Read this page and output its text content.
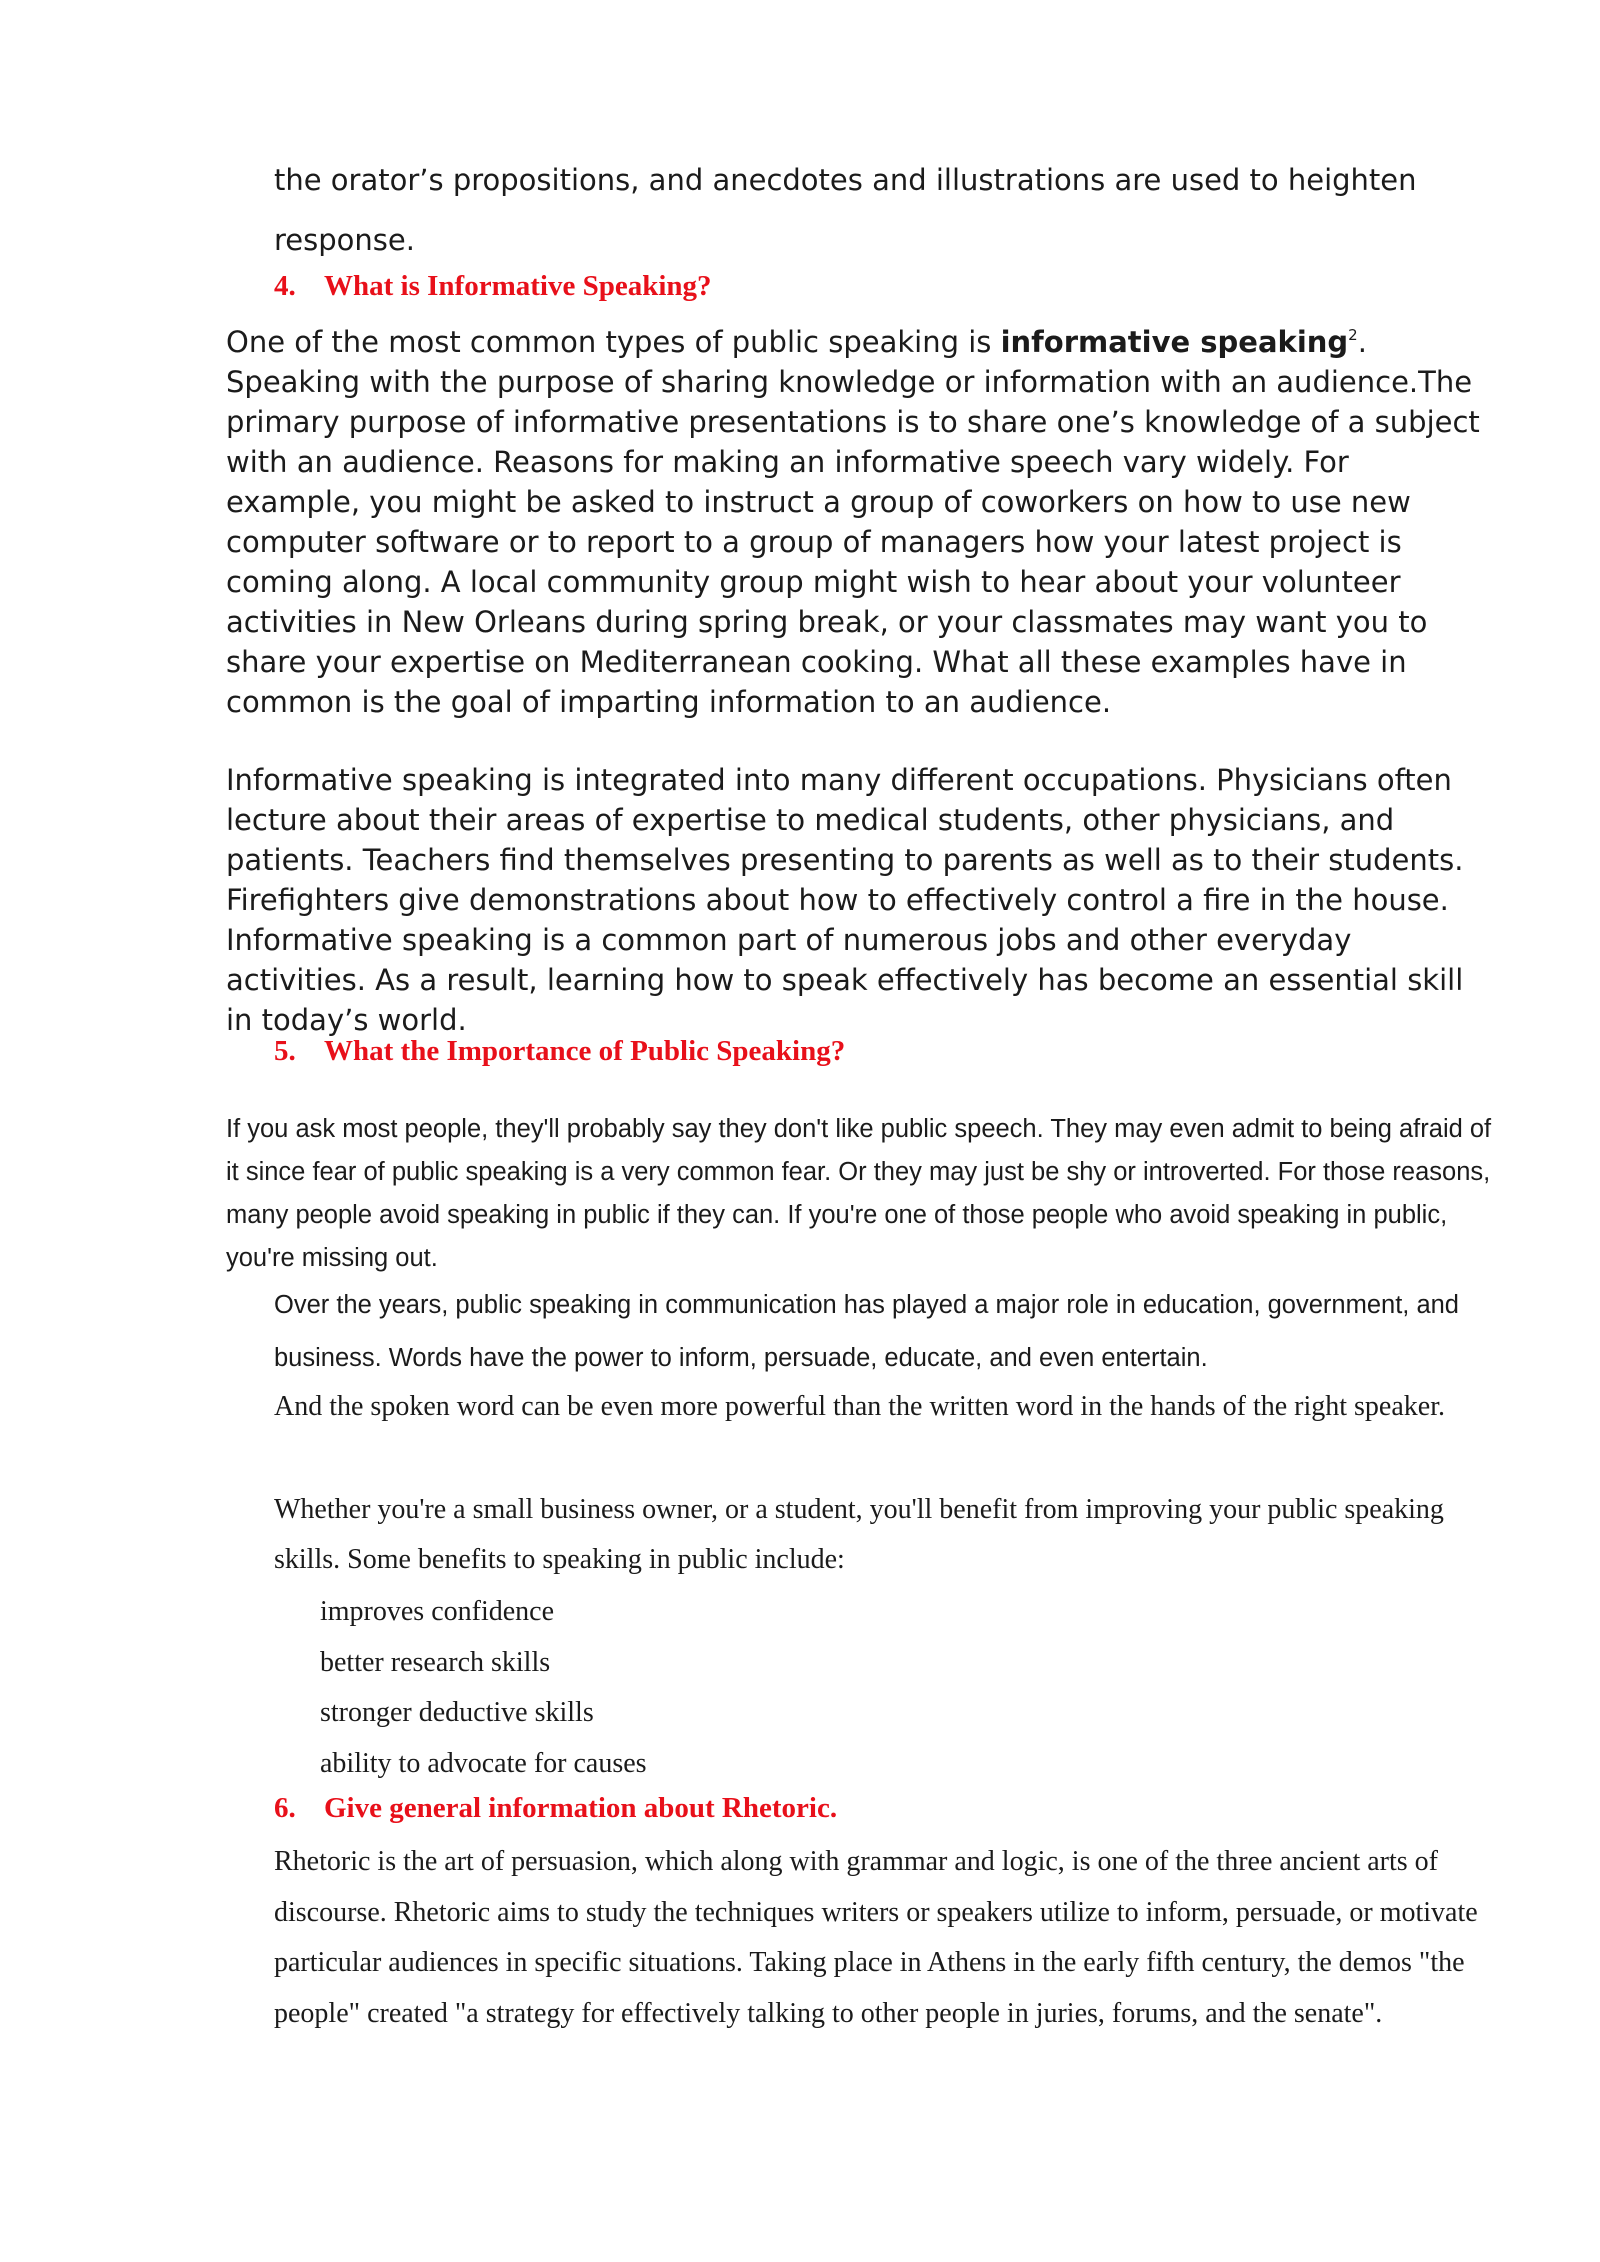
the orator’s propositions, and anecdotes and illustrations are used to heighten response.

4. What is Informative Speaking?

One of the most common types of public speaking is informative speaking$^2$. Speaking with the purpose of sharing knowledge or information with an audience.The primary purpose of informative presentations is to share one’s knowledge of a subject with an audience. Reasons for making an informative speech vary widely. For example, you might be asked to instruct a group of coworkers on how to use new computer software or to report to a group of managers how your latest project is coming along. A local community group might wish to hear about your volunteer activities in New Orleans during spring break, or your classmates may want you to share your expertise on Mediterranean cooking. What all these examples have in common is the goal of imparting information to an audience.

Informative speaking is integrated into many different occupations. Physicians often lecture about their areas of expertise to medical students, other physicians, and patients. Teachers find themselves presenting to parents as well as to their students. Firefighters give demonstrations about how to effectively control a fire in the house. Informative speaking is a common part of numerous jobs and other everyday activities. As a result, learning how to speak effectively has become an essential skill in today’s world.

5. What the Importance of Public Speaking?

If you ask most people, they'll probably say they don't like public speech. They may even admit to being afraid of it since fear of public speaking is a very common fear. Or they may just be shy or introverted. For those reasons, many people avoid speaking in public if they can. If you're one of those people who avoid speaking in public, you're missing out.

Over the years, public speaking in communication has played a major role in education, government, and business. Words have the power to inform, persuade, educate, and even entertain.

And the spoken word can be even more powerful than the written word in the hands of the right speaker.

Whether you're a small business owner, or a student, you'll benefit from improving your public speaking skills. Some benefits to speaking in public include:

improves confidence
better research skills
stronger deductive skills
ability to advocate for causes
6. Give general information about Rhetoric.

Rhetoric is the art of persuasion, which along with grammar and logic, is one of the three ancient arts of discourse. Rhetoric aims to study the techniques writers or speakers utilize to inform, persuade, or motivate particular audiences in specific situations. Taking place in Athens in the early fifth century, the demos "the people" created "a strategy for effectively talking to other people in juries, forums, and the senate".
